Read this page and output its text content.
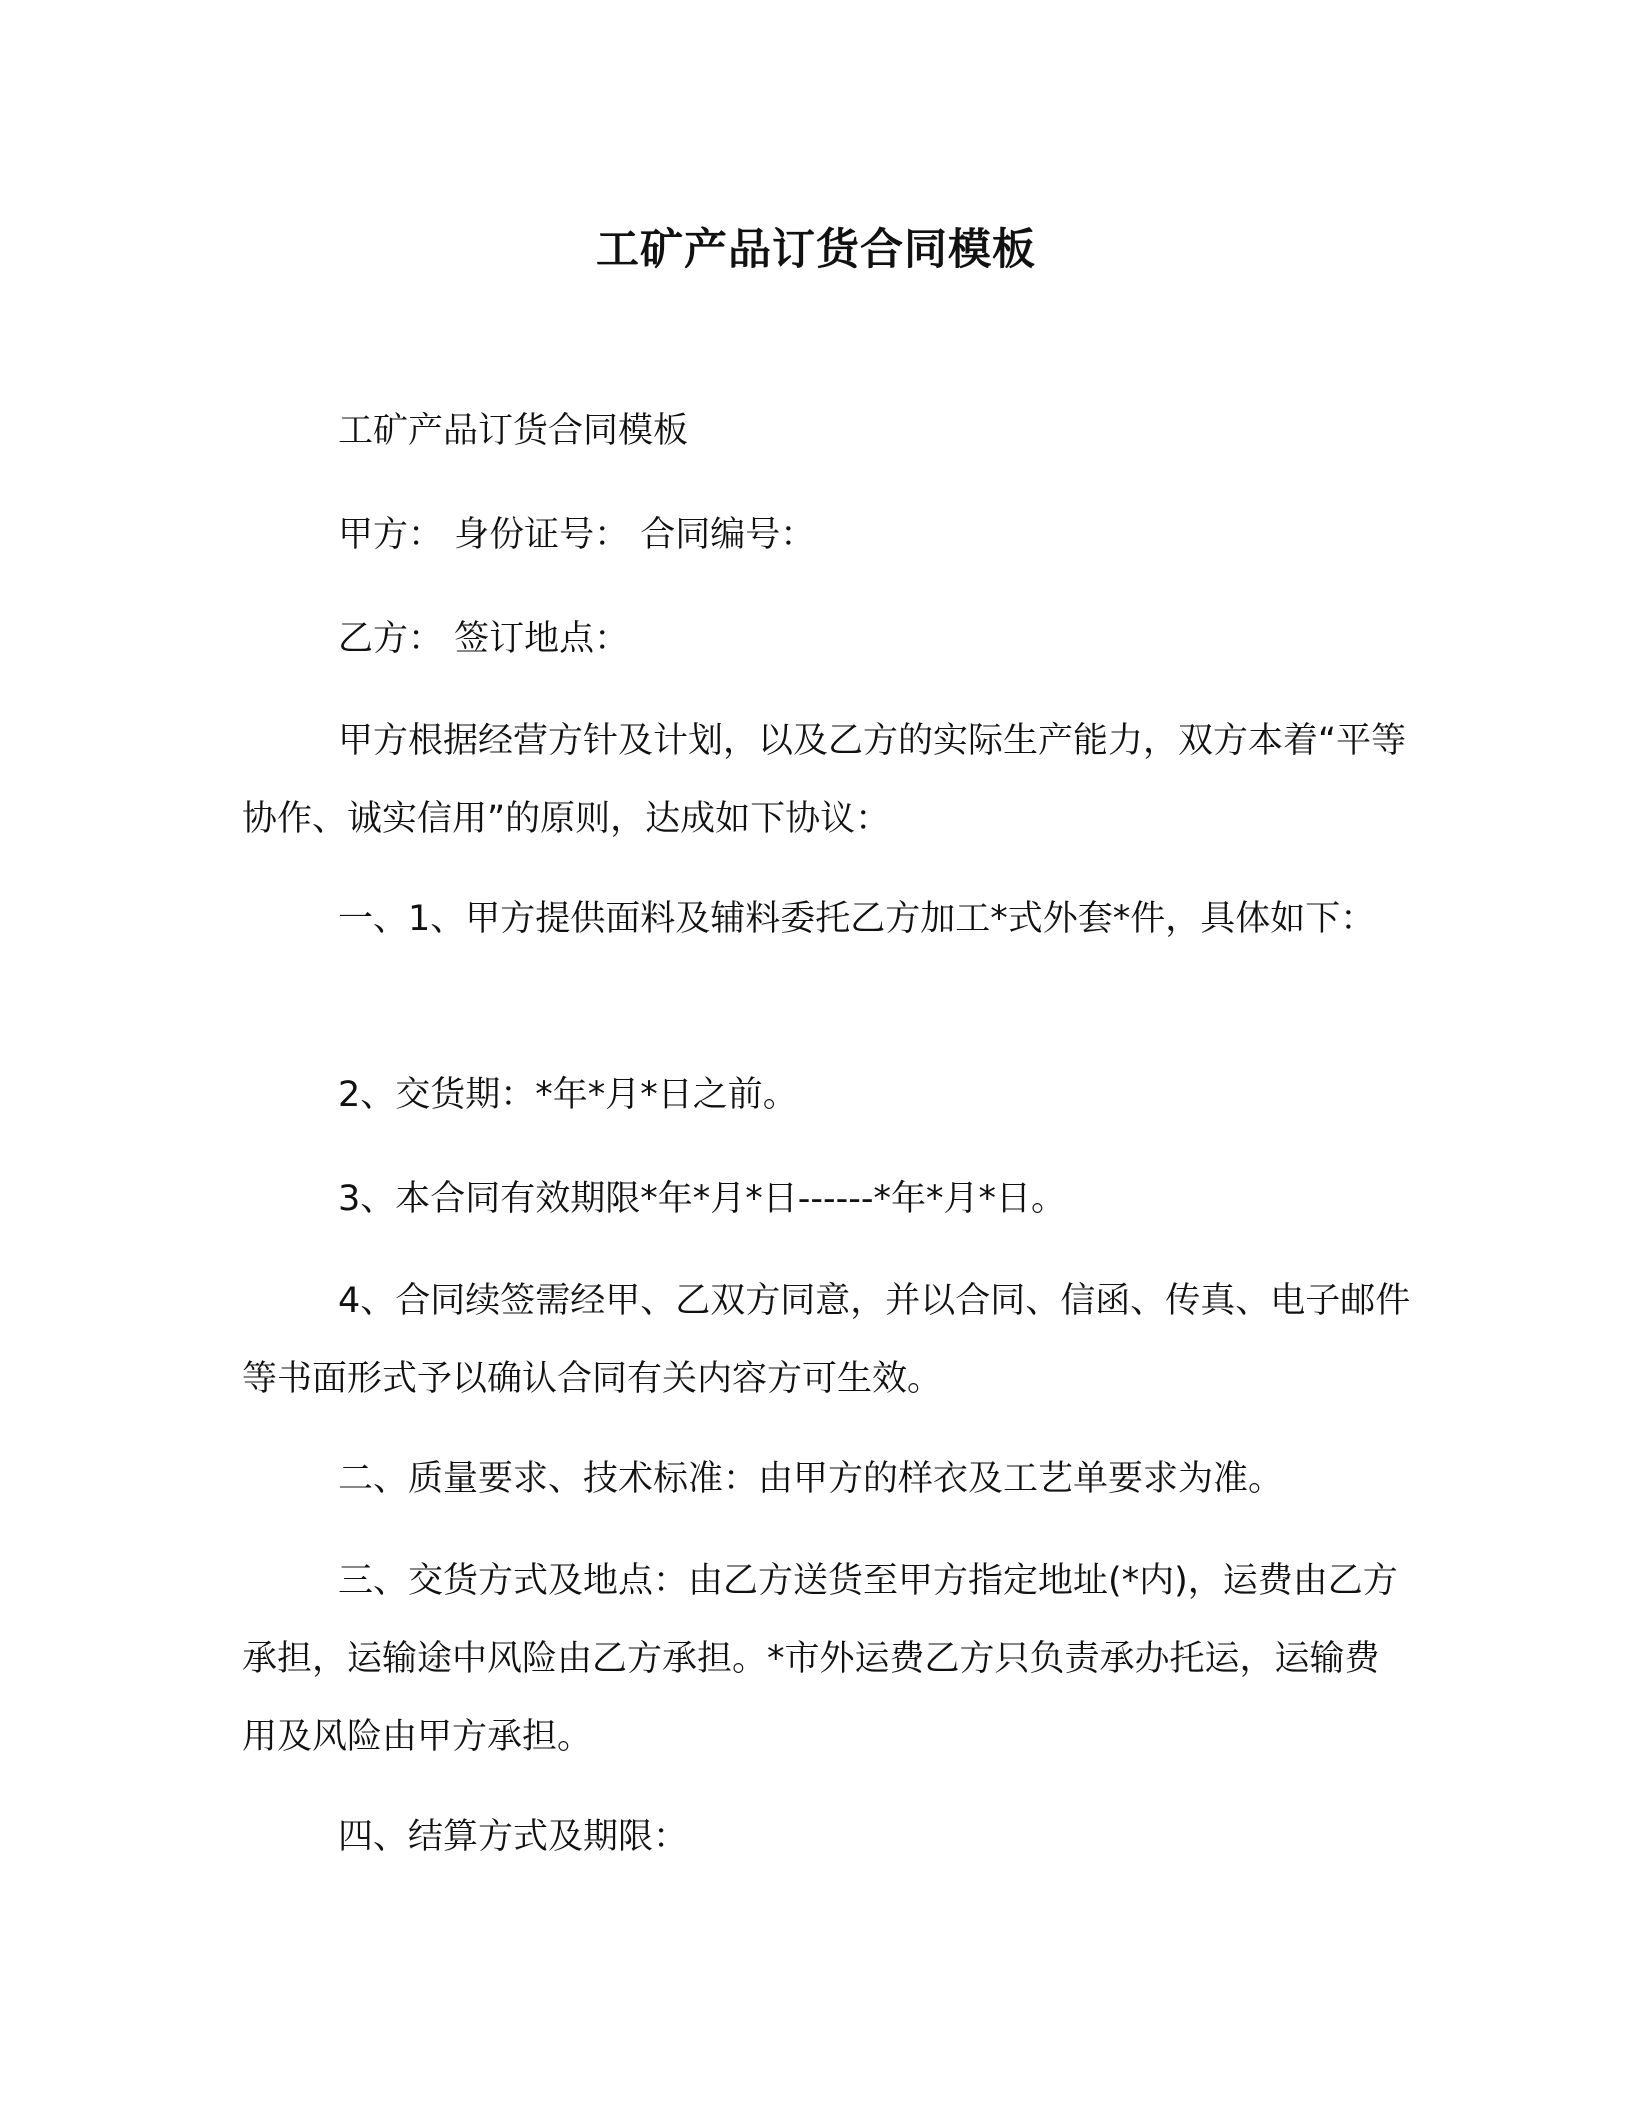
工矿产品订货合同模板

工矿产品订货合同模板

甲方： 身份证号： 合同编号：

乙方： 签订地点：

甲方根据经营方针及计划，以及乙方的实际生产能力，双方本着“平等协作、诚实信用”的原则，达成如下协议：

一、1、甲方提供面料及辅料委托乙方加工*式外套*件，具体如下：

2、交货期：*年*月*日之前。

3、本合同有效期限*年*月*日------*年*月*日。

4、合同续签需经甲、乙双方同意，并以合同、信函、传真、电子邮件等书面形式予以确认合同有关内容方可生效。

二、质量要求、技术标准：由甲方的样衣及工艺单要求为准。

三、交货方式及地点：由乙方送货至甲方指定地址(*内)，运费由乙方承担，运输途中风险由乙方承担。*市外运费乙方只负责承办托运，运输费用及风险由甲方承担。

四、结算方式及期限：
